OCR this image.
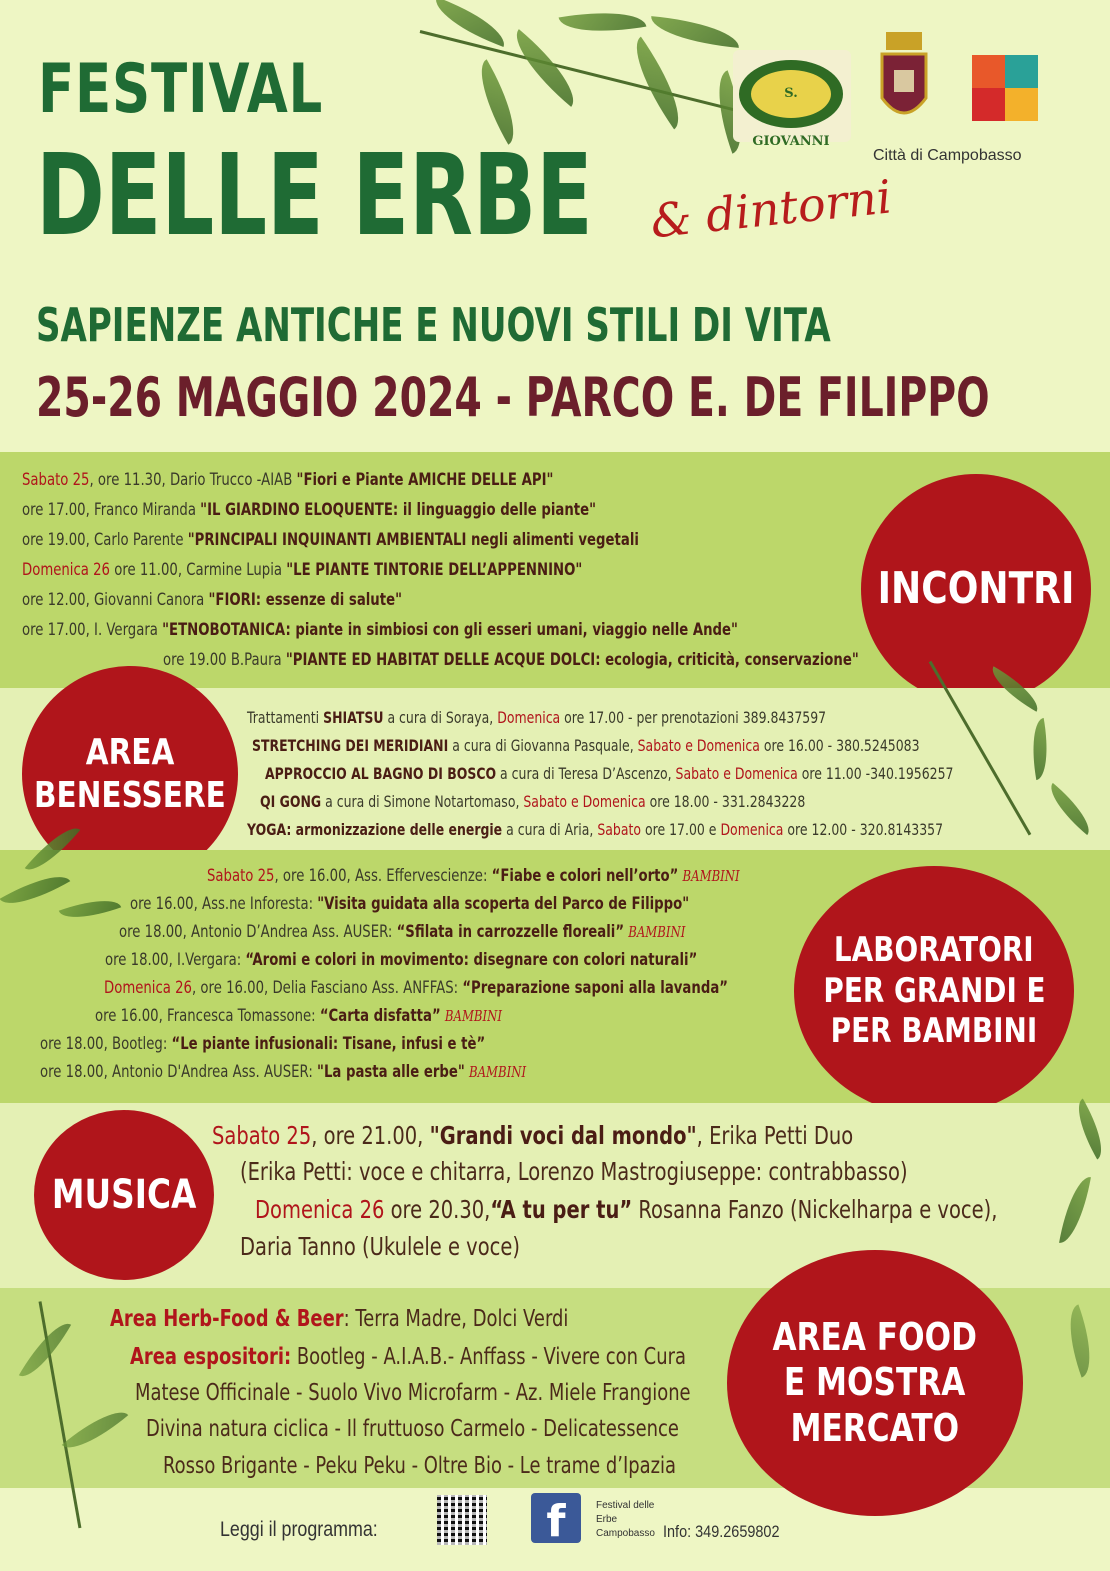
FESTIVAL
DELLE ERBE & dintorni
S. GIOVANNI
Città di Campobasso
SAPIENZE ANTICHE E NUOVI STILI DI VITA
25-26 MAGGIO 2024 - PARCO E. DE FILIPPO
Sabato 25, ore 11.30, Dario Trucco -AIAB "Fiori e Piante AMICHE DELLE API"
ore 17.00, Franco Miranda "IL GIARDINO ELOQUENTE: il linguaggio delle piante"
ore 19.00, Carlo Parente "PRINCIPALI INQUINANTI AMBIENTALI negli alimenti vegetali
Domenica 26 ore 11.00, Carmine Lupia "LE PIANTE TINTORIE DELL’APPENNINO"
ore 12.00, Giovanni Canora "FIORI: essenze di salute"
ore 17.00, I. Vergara "ETNOBOTANICA: piante in simbiosi con gli esseri umani, viaggio nelle Ande"
ore 19.00 B.Paura "PIANTE ED HABITAT DELLE ACQUE DOLCI: ecologia, criticità, conservazione"
INCONTRI
AREA
BENESSERE
Trattamenti SHIATSU a cura di Soraya, Domenica ore 17.00 - per prenotazioni 389.8437597
STRETCHING DEI MERIDIANI a cura di Giovanna Pasquale, Sabato e Domenica ore 16.00 - 380.5245083
APPROCCIO AL BAGNO DI BOSCO a cura di Teresa D’Ascenzo, Sabato e Domenica ore 11.00 -340.1956257
QI GONG a cura di Simone Notartomaso, Sabato e Domenica ore 18.00 - 331.2843228
YOGA: armonizzazione delle energie a cura di Aria, Sabato ore 17.00 e Domenica ore 12.00 - 320.8143357
Sabato 25, ore 16.00, Ass. Effervescienze: “Fiabe e colori nell’orto” BAMBINI
ore 16.00, Ass.ne Inforesta: "Visita guidata alla scoperta del Parco de Filippo"
ore 18.00, Antonio D’Andrea Ass. AUSER: “Sfilata in carrozzelle floreali” BAMBINI
ore 18.00, I.Vergara: “Aromi e colori in movimento: disegnare con colori naturali”
Domenica 26, ore 16.00, Delia Fasciano Ass. ANFFAS: “Preparazione saponi alla lavanda”
ore 16.00, Francesca Tomassone: “Carta disfatta” BAMBINI
ore 18.00, Bootleg: “Le piante infusionali: Tisane, infusi e tè”
ore 18.00, Antonio D'Andrea Ass. AUSER: "La pasta alle erbe" BAMBINI
LABORATORI
PER GRANDI E
PER BAMBINI
MUSICA
Sabato 25, ore 21.00, "Grandi voci dal mondo", Erika Petti Duo
(Erika Petti: voce e chitarra, Lorenzo Mastrogiuseppe: contrabbasso)
Domenica 26 ore 20.30,“A tu per tu” Rosanna Fanzo (Nickelharpa e voce),
Daria Tanno (Ukulele e voce)
AREA FOOD
E MOSTRA
MERCATO
Area Herb-Food & Beer: Terra Madre, Dolci Verdi
Area espositori: Bootleg - A.I.A.B.- Anffass - Vivere con Cura
Matese Officinale - Suolo Vivo Microfarm - Az. Miele Frangione
Divina natura ciclica - Il fruttuoso Carmelo - Delicatessence
Rosso Brigante - Peku Peku - Oltre Bio - Le trame d’Ipazia
Leggi il programma:	f	Festival delle Erbe Campobasso Info: 349.2659802
